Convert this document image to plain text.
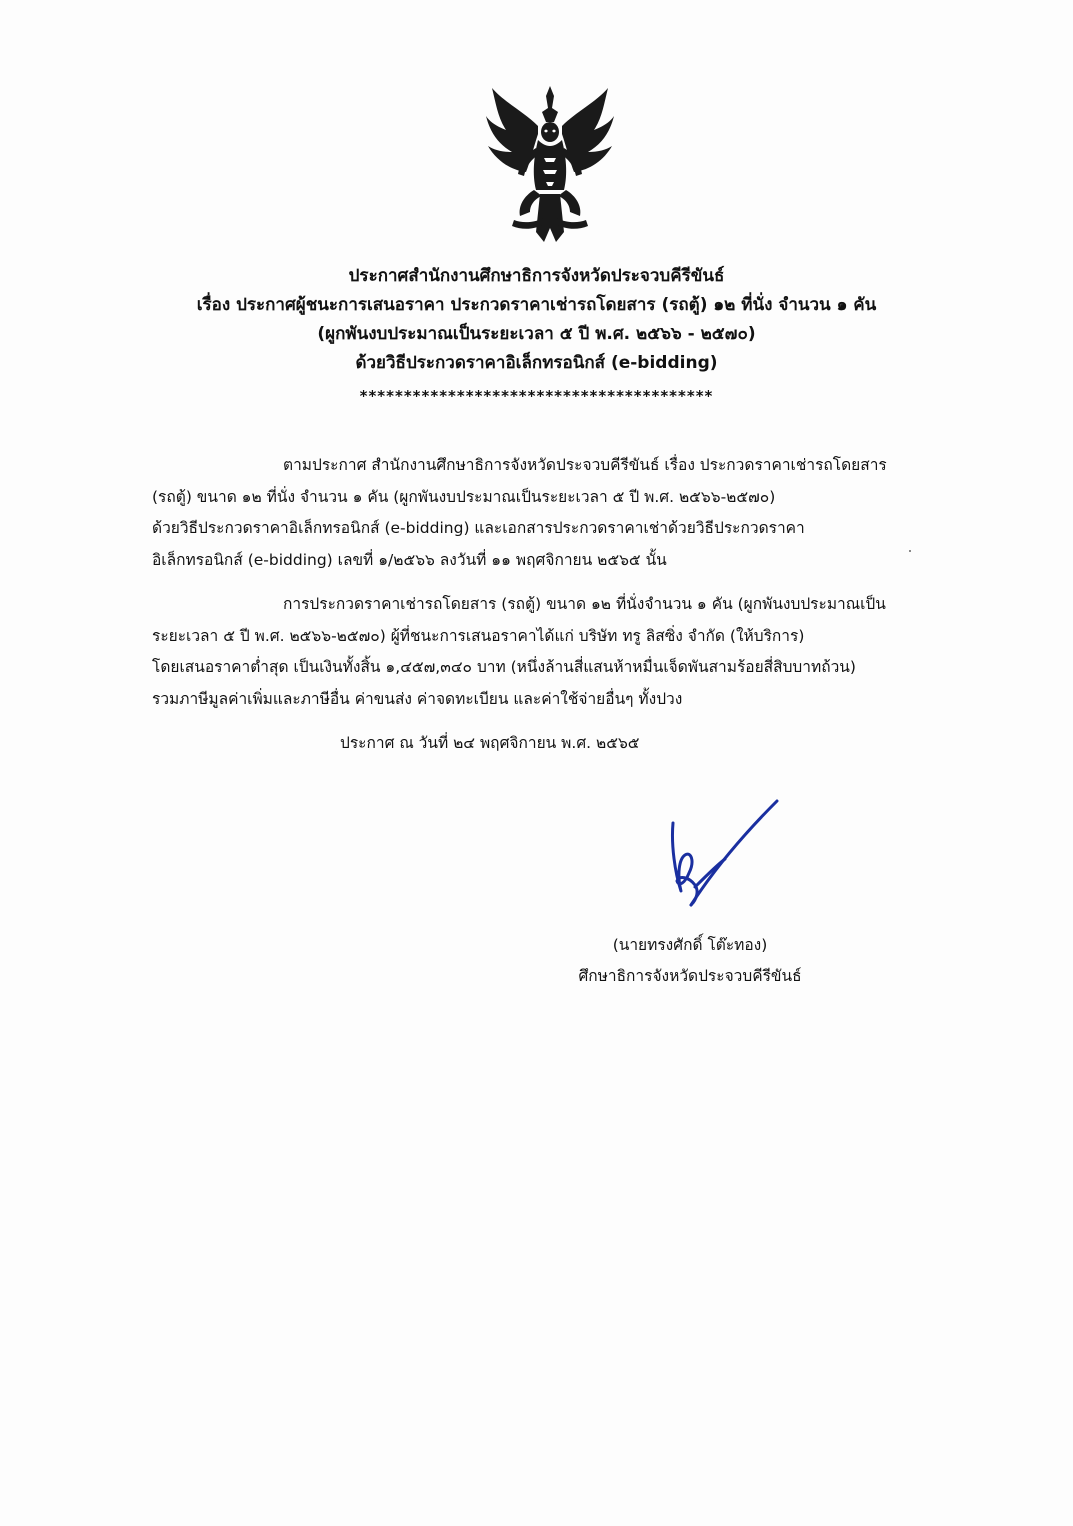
ประกาศสำนักงานศึกษาธิการจังหวัดประจวบคีรีขันธ์
เรื่อง ประกาศผู้ชนะการเสนอราคา ประกวดราคาเช่ารถโดยสาร (รถตู้) ๑๒ ที่นั่ง จำนวน ๑ คัน
(ผูกพันงบประมาณเป็นระยะเวลา ๕ ปี พ.ศ. ๒๕๖๖ - ๒๕๗๐)
ด้วยวิธีประกวดราคาอิเล็กทรอนิกส์ (e-bidding)
****************************************
ตามประกาศ สำนักงานศึกษาธิการจังหวัดประจวบคีรีขันธ์ เรื่อง ประกวดราคาเช่ารถโดยสาร
(รถตู้) ขนาด ๑๒ ที่นั่ง จำนวน ๑ คัน (ผูกพันงบประมาณเป็นระยะเวลา ๕ ปี พ.ศ. ๒๕๖๖-๒๕๗๐)
ด้วยวิธีประกวดราคาอิเล็กทรอนิกส์ (e-bidding) และเอกสารประกวดราคาเช่าด้วยวิธีประกวดราคา
อิเล็กทรอนิกส์ (e-bidding) เลขที่ ๑/๒๕๖๖ ลงวันที่ ๑๑ พฤศจิกายน ๒๕๖๕ นั้น
การประกวดราคาเช่ารถโดยสาร (รถตู้) ขนาด ๑๒ ที่นั่งจำนวน ๑ คัน (ผูกพันงบประมาณเป็น
ระยะเวลา ๕ ปี พ.ศ. ๒๕๖๖-๒๕๗๐) ผู้ที่ชนะการเสนอราคาได้แก่ บริษัท ทรู ลิสซิ่ง จำกัด (ให้บริการ)
โดยเสนอราคาต่ำสุด เป็นเงินทั้งสิ้น ๑,๔๕๗,๓๔๐ บาท (หนึ่งล้านสี่แสนห้าหมื่นเจ็ดพันสามร้อยสี่สิบบาทถ้วน)
รวมภาษีมูลค่าเพิ่มและภาษีอื่น ค่าขนส่ง ค่าจดทะเบียน และค่าใช้จ่ายอื่นๆ ทั้งปวง
ประกาศ ณ วันที่ ๒๔ พฤศจิกายน พ.ศ. ๒๕๖๕
(นายทรงศักดิ์ โต๊ะทอง)
ศึกษาธิการจังหวัดประจวบคีรีขันธ์
